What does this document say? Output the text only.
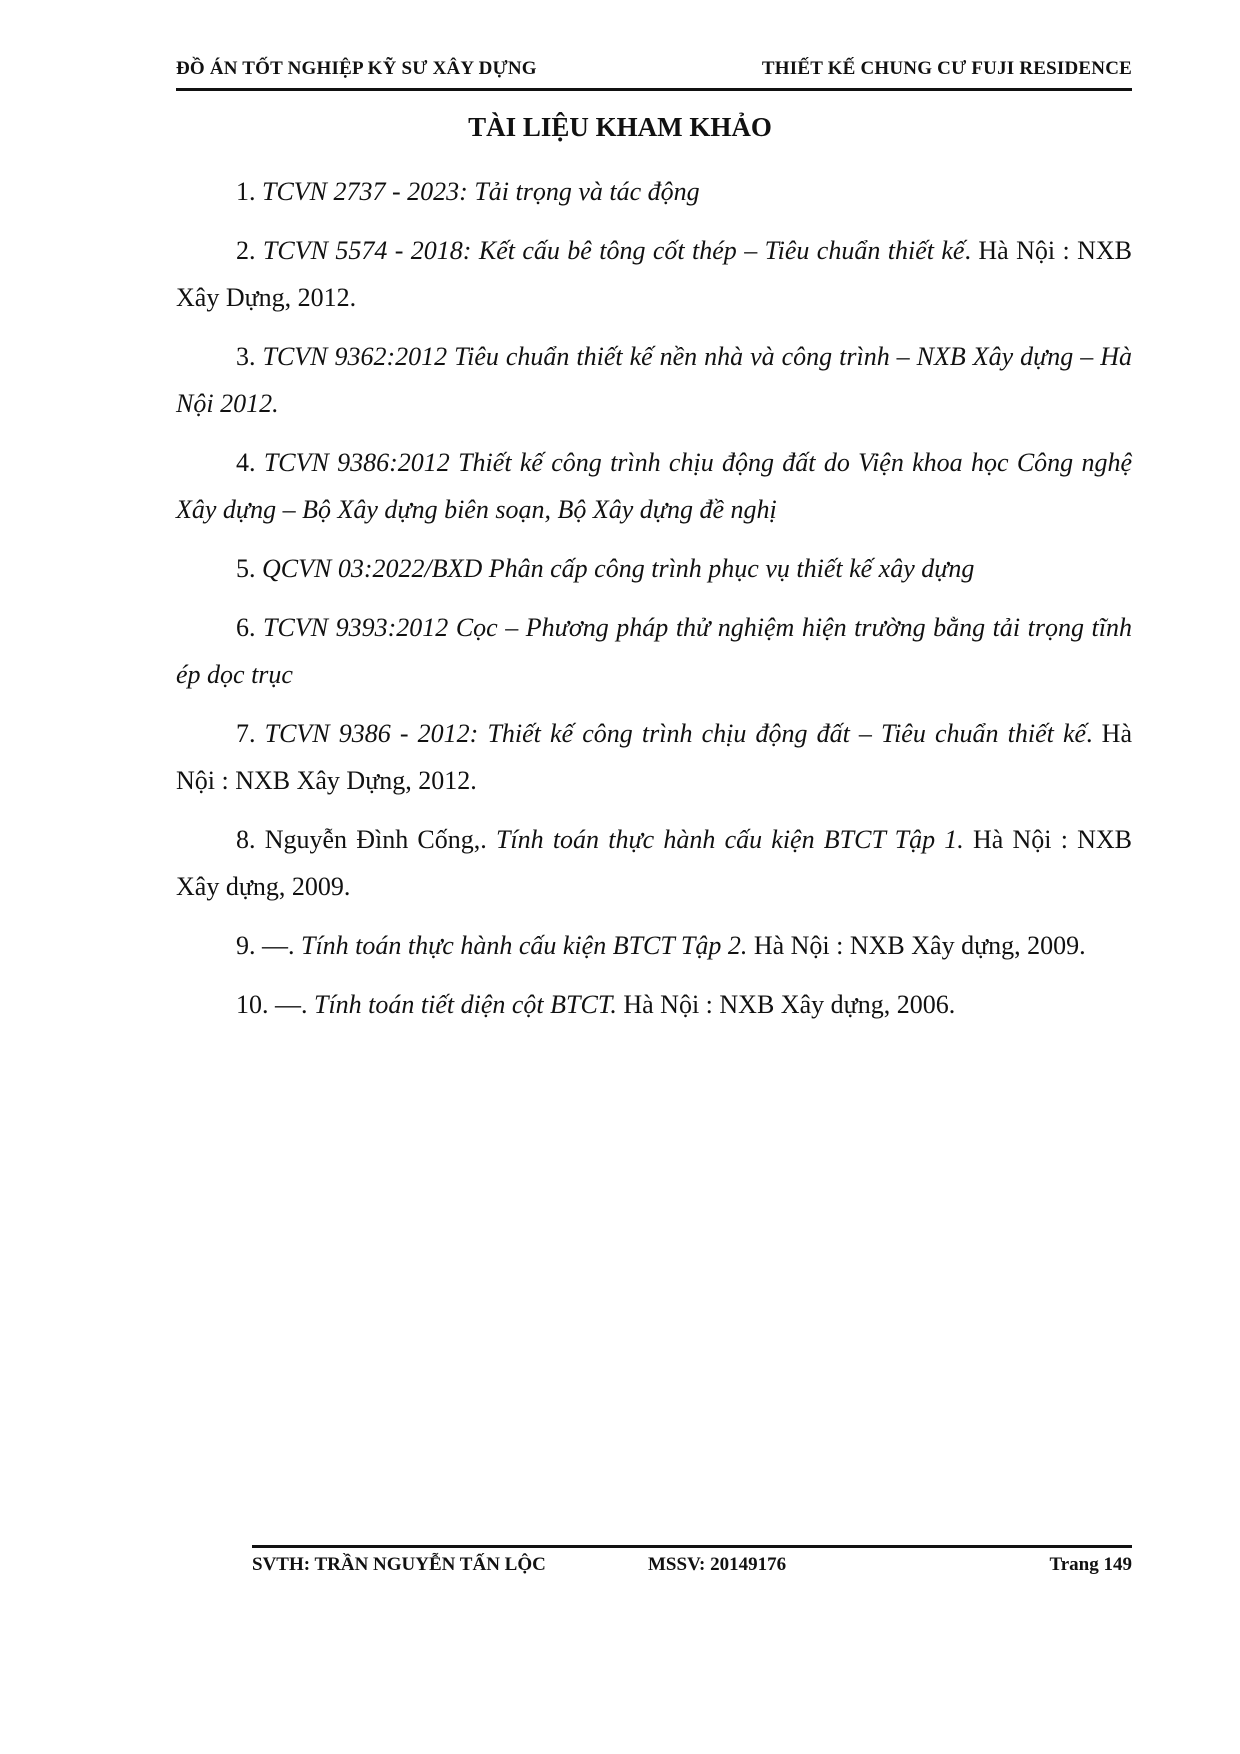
ĐỒ ÁN TỐT NGHIỆP KỸ SƯ XÂY DỰNG	THIẾT KẾ CHUNG CƯ FUJI RESIDENCE
TÀI LIỆU KHAM KHẢO

1. TCVN 2737 - 2023: Tải trọng và tác động

2. TCVN 5574 - 2018: Kết cấu bê tông cốt thép – Tiêu chuẩn thiết kế. Hà Nội : NXB Xây Dựng, 2012.

3. TCVN 9362:2012 Tiêu chuẩn thiết kế nền nhà và công trình – NXB Xây dựng – Hà Nội 2012.

4. TCVN 9386:2012 Thiết kế công trình chịu động đất do Viện khoa học Công nghệ Xây dựng – Bộ Xây dựng biên soạn, Bộ Xây dựng đề nghị

5. QCVN 03:2022/BXD Phân cấp công trình phục vụ thiết kế xây dựng

6. TCVN 9393:2012 Cọc – Phương pháp thử nghiệm hiện trường bằng tải trọng tĩnh ép dọc trục

7. TCVN 9386 - 2012: Thiết kế công trình chịu động đất – Tiêu chuẩn thiết kế. Hà Nội : NXB Xây Dựng, 2012.

8. Nguyễn Đình Cống,. Tính toán thực hành cấu kiện BTCT Tập 1. Hà Nội : NXB Xây dựng, 2009.

9. —. Tính toán thực hành cấu kiện BTCT Tập 2. Hà Nội : NXB Xây dựng, 2009.

10. —. Tính toán tiết diện cột BTCT. Hà Nội : NXB Xây dựng, 2006.

SVTH: TRẦN NGUYỄN TẤN LỘC	MSSV: 20149176	Trang 149
